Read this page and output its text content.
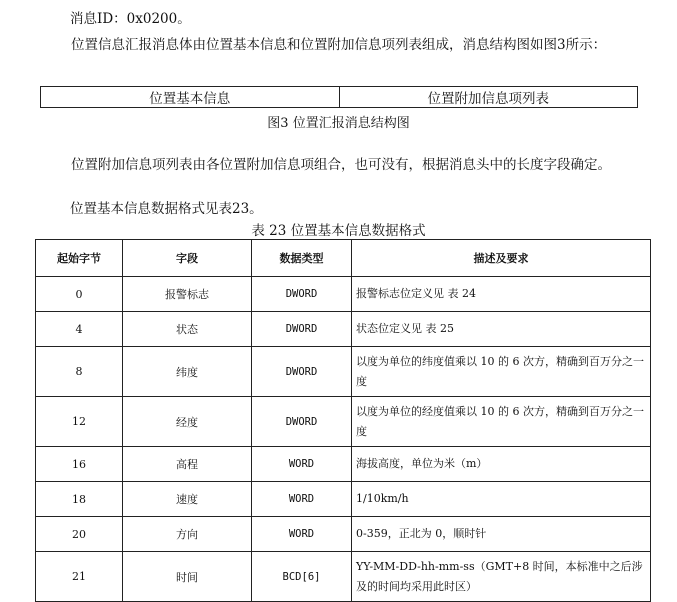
消息ID：0x0200。

位置信息汇报消息体由位置基本信息和位置附加信息项列表组成，消息结构图如图3所示：

位置基本信息	位置附加信息项列表
图3 位置汇报消息结构图

位置附加信息项列表由各位置附加信息项组合，也可没有，根据消息头中的长度字段确定。

位置基本信息数据格式见表23。

表 23 位置基本信息数据格式
起始字节	字段	数据类型	描述及要求
0	报警标志	DWORD	报警标志位定义见 表 24
4	状态	DWORD	状态位定义见 表 25
8	纬度	DWORD	以度为单位的纬度值乘以 10 的 6 次方，精确到百万分之一度
12	经度	DWORD	以度为单位的经度值乘以 10 的 6 次方，精确到百万分之一度
16	高程	WORD	海拔高度，单位为米（m）
18	速度	WORD	1/10km/h
20	方向	WORD	0-359，正北为 0，顺时针
21	时间	BCD[6]	YY-MM-DD-hh-mm-ss（GMT+8 时间，本标准中之后涉及的时间均采用此时区）
